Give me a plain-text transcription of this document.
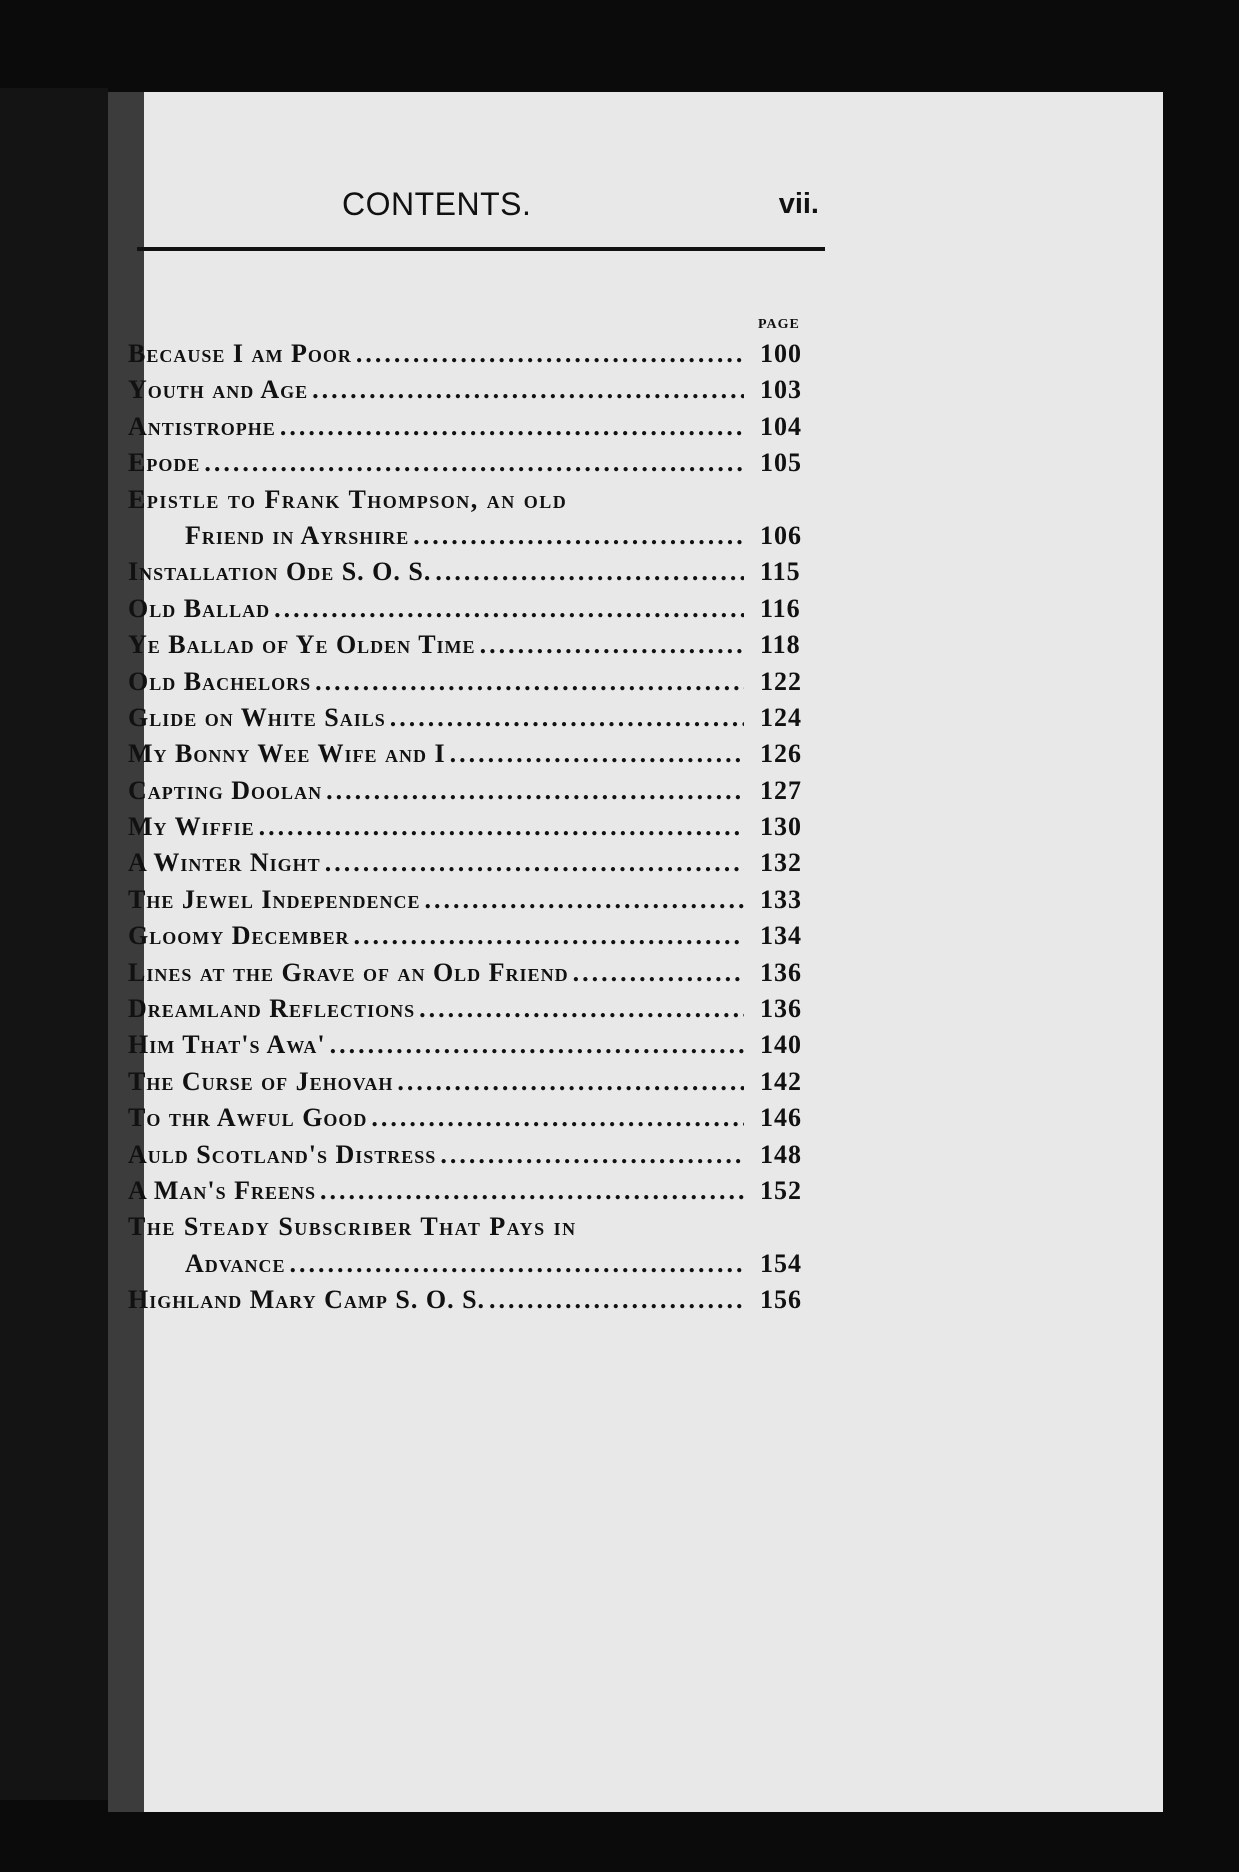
CONTENTS.	vii.
PAGE
Because I am Poor .....	100
Youth and Age .....	103
Antistrophe .....	104
Epode .....	105
Epistle to Frank Thompson, an old
Friend in Ayrshire .....	106
Installation Ode S. O. S. .....	115
Old Ballad .....	116
Ye Ballad of Ye Olden Time .....	118
Old Bachelors .....	122
Glide on White Sails .....	124
My Bonny Wee Wife and I .....	126
Capting Doolan .....	127
My Wiffie .....	130
A Winter Night .....	132
The Jewel Independence .....	133
Gloomy December .....	134
Lines at the Grave of an Old Friend .....	136
Dreamland Reflections .....	136
Him That's Awa' .....	140
The Curse of Jehovah .....	142
To thr Awful Good .....	146
Auld Scotland's Distress .....	148
A Man's Freens .....	152
The Steady Subscriber That Pays in
Advance .....	154
Highland Mary Camp S. O. S. .....	156
